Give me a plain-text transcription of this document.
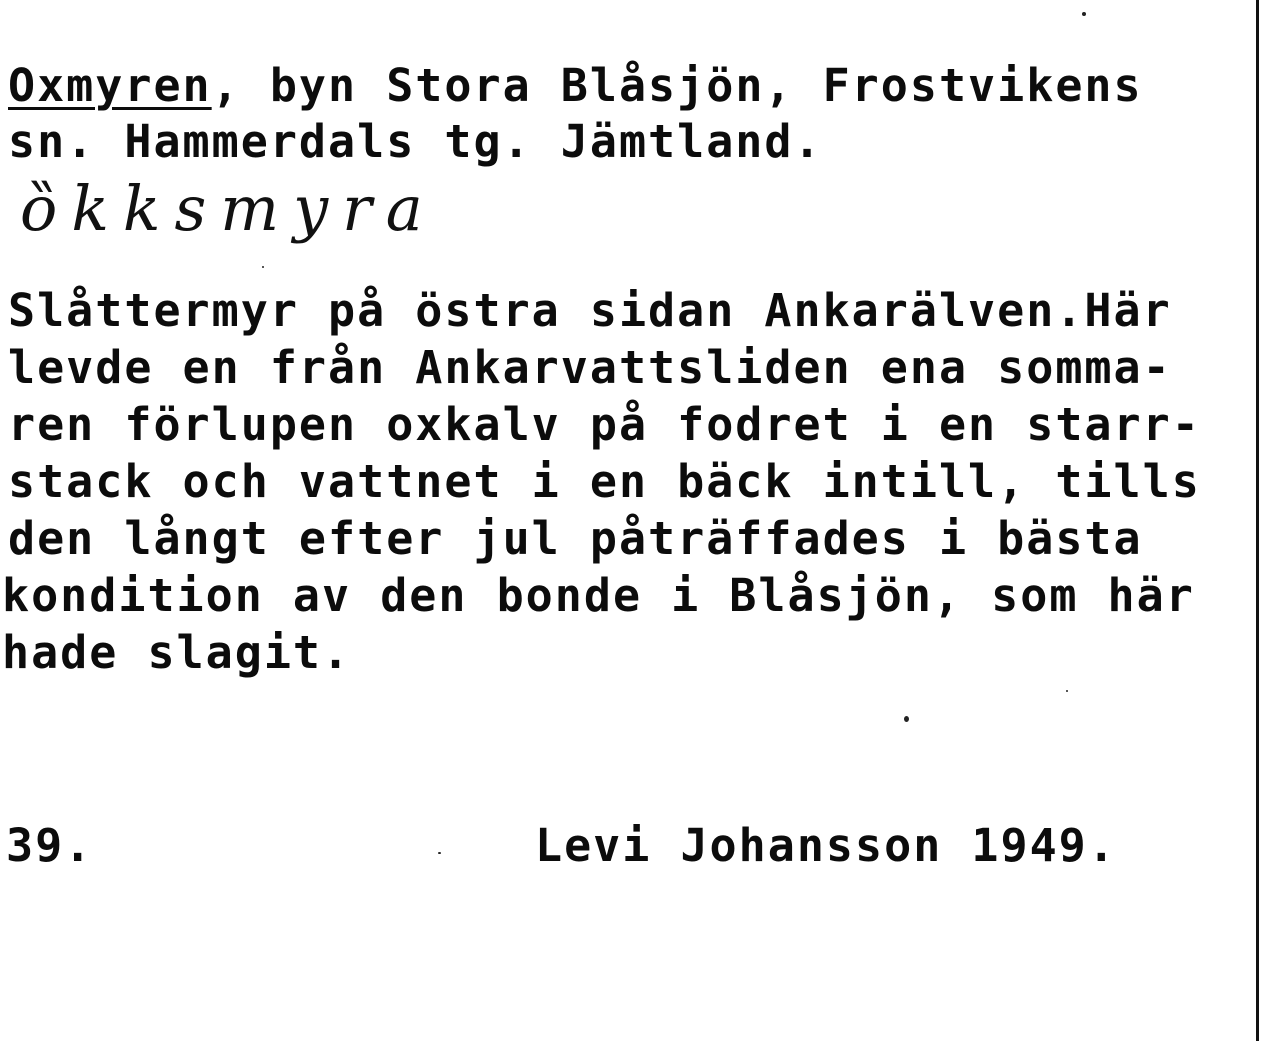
Oxmyren, byn Stora Blåsjön, Frostvikens
sn. Hammerdals tg. Jämtland.
ȍkksmyra
Slåttermyr på östra sidan Ankarälven.Här
levde en från Ankarvattsliden ena somma-
ren förlupen oxkalv på fodret i en starr-
stack och vattnet i en bäck intill, tills
den långt efter jul påträffades i bästa
kondition av den bonde i Blåsjön, som här
hade slagit.
39.	Levi Johansson 1949.
